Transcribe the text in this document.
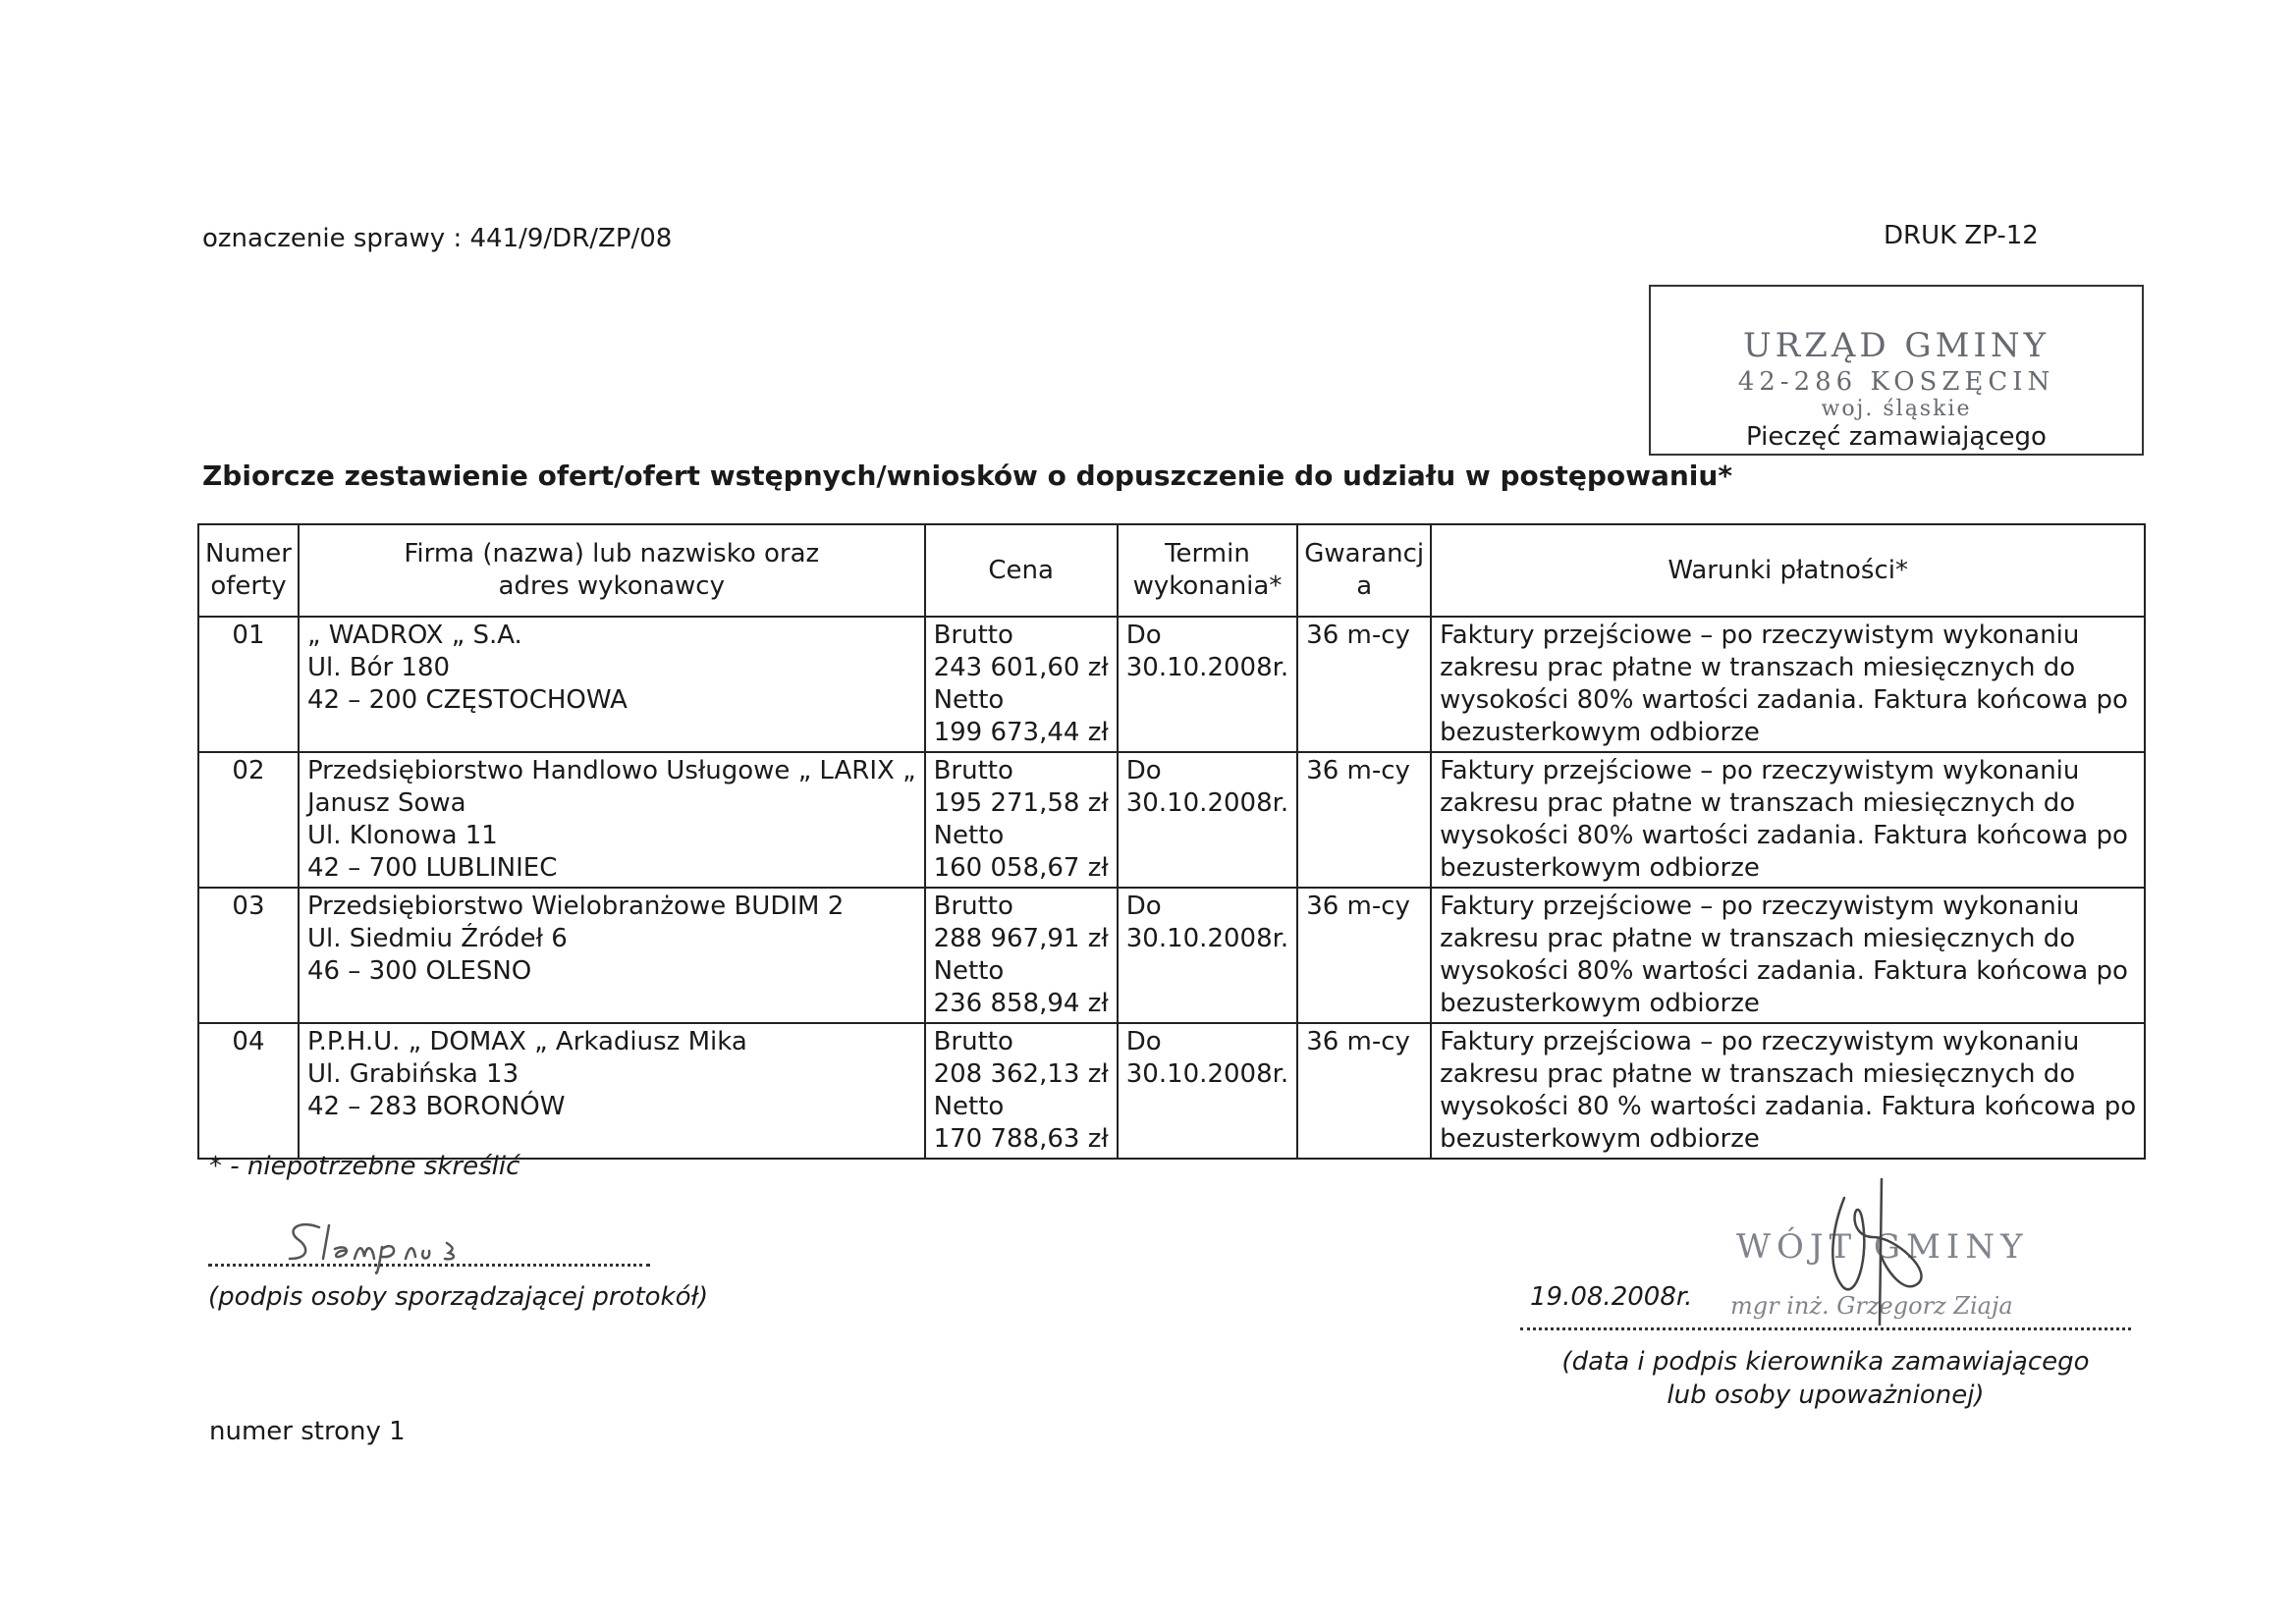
oznaczenie sprawy : 441/9/DR/ZP/08	DRUK ZP-12
URZĄD GMINY
42-286 KOSZĘCIN
woj. śląskie
Pieczęć zamawiającego
Zbiorcze zestawienie ofert/ofert wstępnych/wniosków o dopuszczenie do udziału w postępowaniu*
Numer
oferty	Firma (nazwa) lub nazwisko oraz
adres wykonawcy	Cena	Termin
wykonania*	Gwarancj
a	Warunki płatności*
01	„ WADROX „ S.A.
Ul. Bór 180
42 – 200 CZĘSTOCHOWA	Brutto
243 601,60 zł
Netto
199 673,44 zł	Do
30.10.2008r.	36 m-cy	Faktury przejściowe – po rzeczywistym wykonaniu
zakresu prac płatne w transzach miesięcznych do
wysokości 80% wartości zadania. Faktura końcowa po
bezusterkowym odbiorze

02	Przedsiębiorstwo Handlowo Usługowe „ LARIX „
Janusz Sowa
Ul. Klonowa 11
42 – 700 LUBLINIEC	Brutto
195 271,58 zł
Netto
160 058,67 zł	Do
30.10.2008r.	36 m-cy	Faktury przejściowe – po rzeczywistym wykonaniu
zakresu prac płatne w transzach miesięcznych do
wysokości 80% wartości zadania. Faktura końcowa po
bezusterkowym odbiorze

03	Przedsiębiorstwo Wielobranżowe BUDIM 2
Ul. Siedmiu Źródeł 6
46 – 300 OLESNO	Brutto
288 967,91 zł
Netto
236 858,94 zł	Do
30.10.2008r.	36 m-cy	Faktury przejściowe – po rzeczywistym wykonaniu
zakresu prac płatne w transzach miesięcznych do
wysokości 80% wartości zadania. Faktura końcowa po
bezusterkowym odbiorze

04	P.P.H.U. „ DOMAX „ Arkadiusz Mika
Ul. Grabińska 13
42 – 283 BORONÓW	Brutto
208 362,13 zł
Netto
170 788,63 zł	Do
30.10.2008r.	36 m-cy	Faktury przejściowa – po rzeczywistym wykonaniu
zakresu prac płatne w transzach miesięcznych do
wysokości 80 % wartości zadania. Faktura końcowa po
bezusterkowym odbiorze
* - niepotrzebne skreślić
(podpis osoby sporządzającej protokół)	19.08.2008r.
WÓJT GMINY
mgr inż. Grzegorz Ziaja
(data i podpis kierownika zamawiającego
lub osoby upoważnionej)
numer strony 1
